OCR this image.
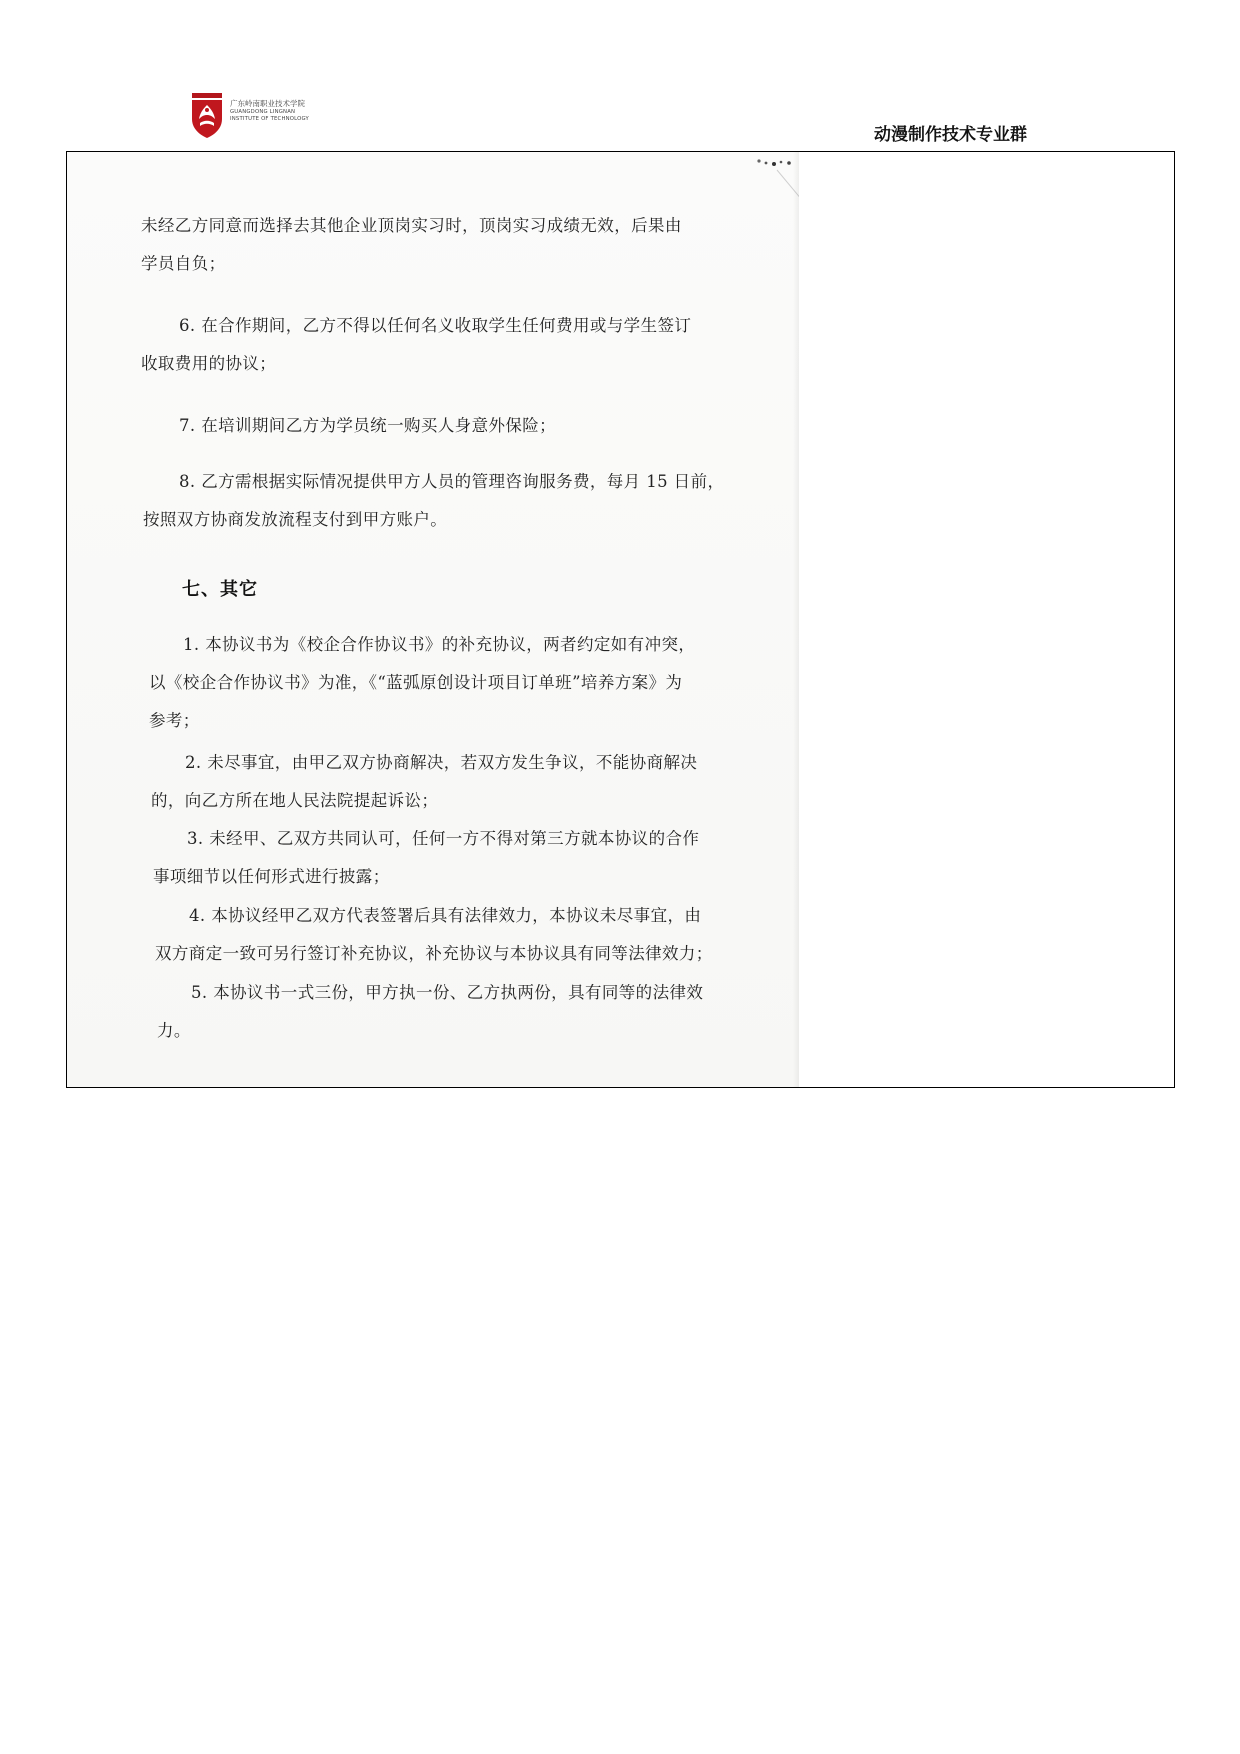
广东岭南职业技术学院
GUANGDONG LINGNAN
INSTITUTE OF TECHNOLOGY
动漫制作技术专业群
未经乙方同意而选择去其他企业顶岗实习时，顶岗实习成绩无效，后果由
学员自负；
6. 在合作期间，乙方不得以任何名义收取学生任何费用或与学生签订
收取费用的协议；
7. 在培训期间乙方为学员统一购买人身意外保险；
8. 乙方需根据实际情况提供甲方人员的管理咨询服务费，每月 15 日前，
按照双方协商发放流程支付到甲方账户。
七、其它
1. 本协议书为《校企合作协议书》的补充协议，两者约定如有冲突，
以《校企合作协议书》为准，《“蓝弧原创设计项目订单班”培养方案》为
参考；
2. 未尽事宜，由甲乙双方协商解决，若双方发生争议，不能协商解决
的，向乙方所在地人民法院提起诉讼；
3. 未经甲、乙双方共同认可，任何一方不得对第三方就本协议的合作
事项细节以任何形式进行披露；
4. 本协议经甲乙双方代表签署后具有法律效力，本协议未尽事宜，由
双方商定一致可另行签订补充协议，补充协议与本协议具有同等法律效力；
5. 本协议书一式三份，甲方执一份、乙方执两份，具有同等的法律效
力。
